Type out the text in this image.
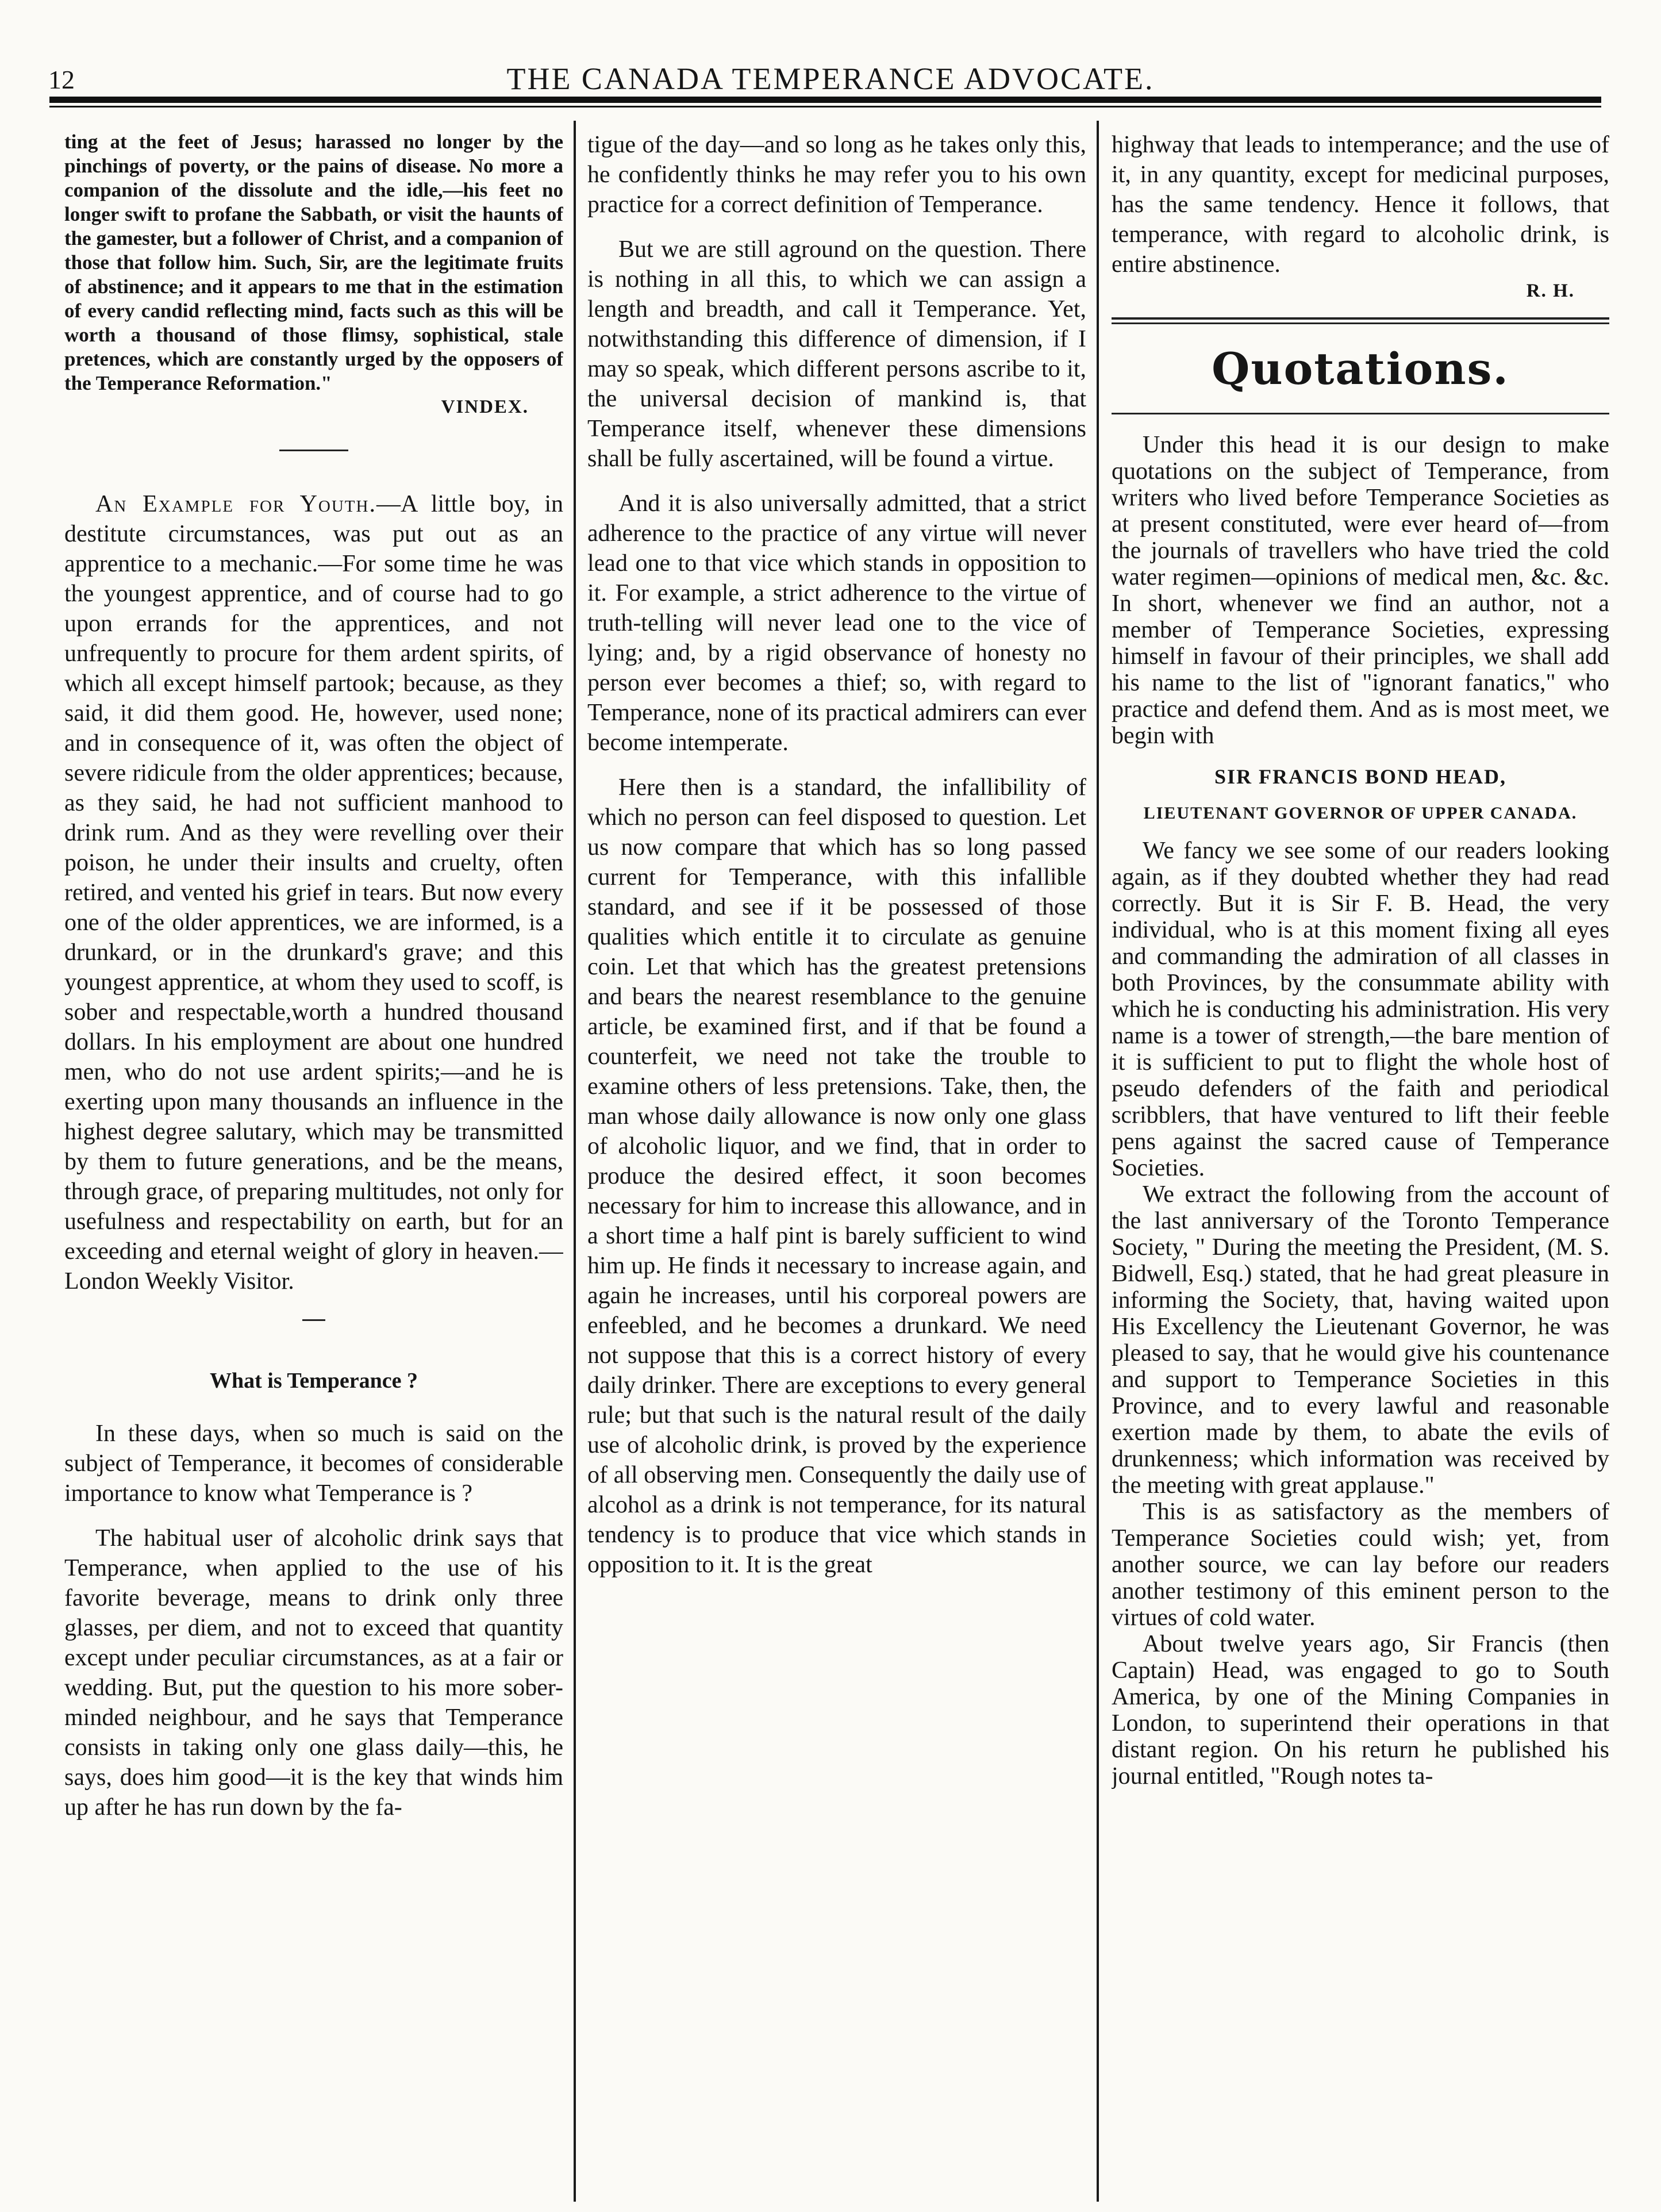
12	THE CANADA TEMPERANCE ADVOCATE.

ting at the feet of Jesus; harassed no longer by the pinchings of poverty, or the pains of disease. No more a companion of the dissolute and the idle,—his feet no longer swift to profane the Sabbath, or visit the haunts of the gamester, but a follower of Christ, and a companion of those that follow him. Such, Sir, are the legitimate fruits of abstinence; and it appears to me that in the estimation of every candid reflecting mind, facts such as this will be worth a thousand of those flimsy, sophistical, stale pretences, which are constantly urged by the opposers of the Temperance Reformation."

VINDEX.

An Example for Youth.—A little boy, in destitute circumstances, was put out as an apprentice to a mechanic.—For some time he was the youngest apprentice, and of course had to go upon errands for the apprentices, and not unfrequently to procure for them ardent spirits, of which all except himself partook; because, as they said, it did them good. He, however, used none; and in consequence of it, was often the object of severe ridicule from the older apprentices; because, as they said, he had not sufficient manhood to drink rum. And as they were revelling over their poison, he under their insults and cruelty, often retired, and vented his grief in tears. But now every one of the older apprentices, we are informed, is a drunkard, or in the drunkard's grave; and this youngest apprentice, at whom they used to scoff, is sober and respectable,worth a hundred thousand dollars. In his employment are about one hundred men, who do not use ardent spirits;—and he is exerting upon many thousands an influence in the highest degree salutary, which may be transmitted by them to future generations, and be the means, through grace, of preparing multitudes, not only for usefulness and respectability on earth, but for an exceeding and eternal weight of glory in heaven.—London Weekly Visitor.

What is Temperance ?

In these days, when so much is said on the subject of Temperance, it becomes of considerable importance to know what Temperance is ?

The habitual user of alcoholic drink says that Temperance, when applied to the use of his favorite beverage, means to drink only three glasses, per diem, and not to exceed that quantity except under peculiar circumstances, as at a fair or wedding. But, put the question to his more sober-minded neighbour, and he says that Temperance consists in taking only one glass daily—this, he says, does him good—it is the key that winds him up after he has run down by the fa-

tigue of the day—and so long as he takes only this, he confidently thinks he may refer you to his own practice for a correct definition of Temperance.

But we are still aground on the question. There is nothing in all this, to which we can assign a length and breadth, and call it Temperance. Yet, notwithstanding this difference of dimension, if I may so speak, which different persons ascribe to it, the universal decision of mankind is, that Temperance itself, whenever these dimensions shall be fully ascertained, will be found a virtue.

And it is also universally admitted, that a strict adherence to the practice of any virtue will never lead one to that vice which stands in opposition to it. For example, a strict adherence to the virtue of truth-telling will never lead one to the vice of lying; and, by a rigid observance of honesty no person ever becomes a thief; so, with regard to Temperance, none of its practical admirers can ever become intemperate.

Here then is a standard, the infallibility of which no person can feel disposed to question. Let us now compare that which has so long passed current for Temperance, with this infallible standard, and see if it be possessed of those qualities which entitle it to circulate as genuine coin. Let that which has the greatest pretensions and bears the nearest resemblance to the genuine article, be examined first, and if that be found a counterfeit, we need not take the trouble to examine others of less pretensions. Take, then, the man whose daily allowance is now only one glass of alcoholic liquor, and we find, that in order to produce the desired effect, it soon becomes necessary for him to increase this allowance, and in a short time a half pint is barely sufficient to wind him up. He finds it necessary to increase again, and again he increases, until his corporeal powers are enfeebled, and he becomes a drunkard. We need not suppose that this is a correct history of every daily drinker. There are exceptions to every general rule; but that such is the natural result of the daily use of alcoholic drink, is proved by the experience of all observing men. Consequently the daily use of alcohol as a drink is not temperance, for its natural tendency is to produce that vice which stands in opposition to it. It is the great

highway that leads to intemperance; and the use of it, in any quantity, except for medicinal purposes, has the same tendency. Hence it follows, that temperance, with regard to alcoholic drink, is entire abstinence.

R. H.
Quotations.

Under this head it is our design to make quotations on the subject of Temperance, from writers who lived before Temperance Societies as at present constituted, were ever heard of—from the journals of travellers who have tried the cold water regimen—opinions of medical men, &c. &c. In short, whenever we find an author, not a member of Temperance Societies, expressing himself in favour of their principles, we shall add his name to the list of "ignorant fanatics," who practice and defend them. And as is most meet, we begin with

SIR FRANCIS BOND HEAD,
LIEUTENANT GOVERNOR OF UPPER CANADA.

We fancy we see some of our readers looking again, as if they doubted whether they had read correctly. But it is Sir F. B. Head, the very individual, who is at this moment fixing all eyes and commanding the admiration of all classes in both Provinces, by the consummate ability with which he is conducting his administration. His very name is a tower of strength,—the bare mention of it is sufficient to put to flight the whole host of pseudo defenders of the faith and periodical scribblers, that have ventured to lift their feeble pens against the sacred cause of Temperance Societies.

We extract the following from the account of the last anniversary of the Toronto Temperance Society, " During the meeting the President, (M. S. Bidwell, Esq.) stated, that he had great pleasure in informing the Society, that, having waited upon His Excellency the Lieutenant Governor, he was pleased to say, that he would give his countenance and support to Temperance Societies in this Province, and to every lawful and reasonable exertion made by them, to abate the evils of drunkenness; which information was received by the meeting with great applause."

This is as satisfactory as the members of Temperance Societies could wish; yet, from another source, we can lay before our readers another testimony of this eminent person to the virtues of cold water.

About twelve years ago, Sir Francis (then Captain) Head, was engaged to go to South America, by one of the Mining Companies in London, to superintend their operations in that distant region. On his return he published his journal entitled, "Rough notes ta-
